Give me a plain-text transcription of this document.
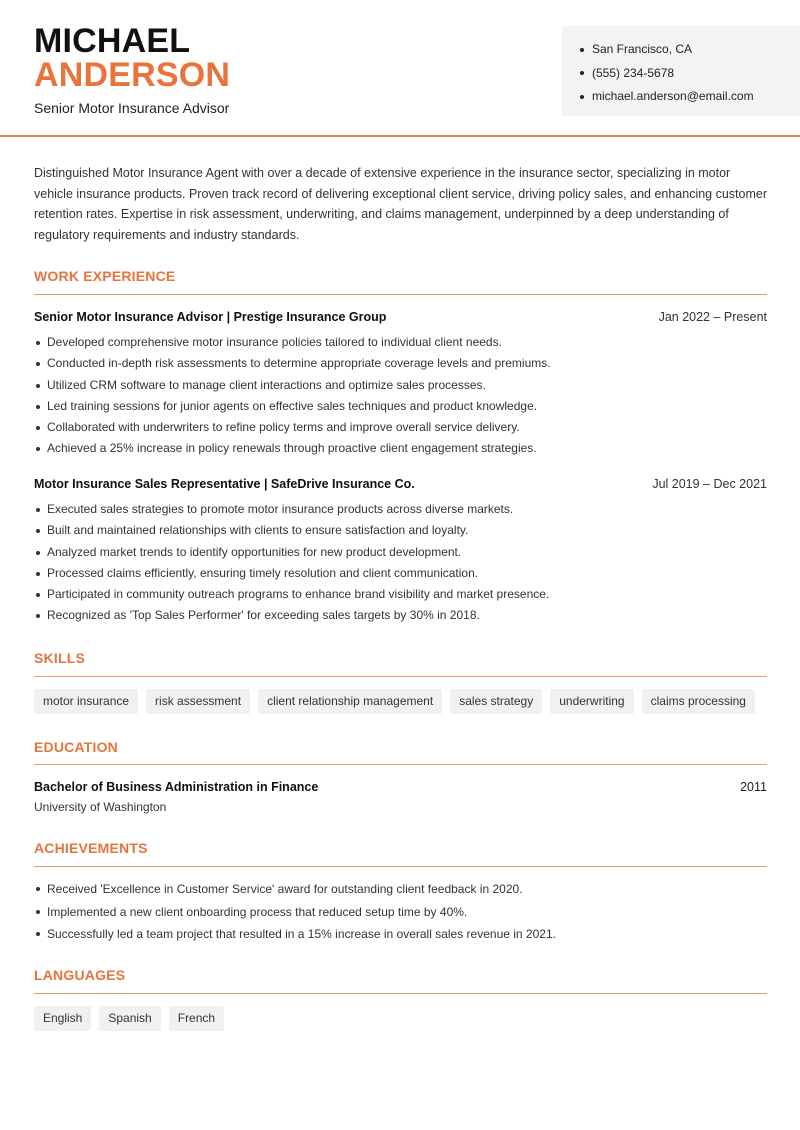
MICHAEL
ANDERSON
Senior Motor Insurance Advisor
San Francisco, CA
(555) 234-5678
michael.anderson@email.com

Distinguished Motor Insurance Agent with over a decade of extensive experience in the insurance sector, specializing in motor vehicle insurance products. Proven track record of delivering exceptional client service, driving policy sales, and enhancing customer retention rates. Expertise in risk assessment, underwriting, and claims management, underpinned by a deep understanding of regulatory requirements and industry standards.

WORK EXPERIENCE
Senior Motor Insurance Advisor | Prestige Insurance Group	Jan 2022 – Present
Developed comprehensive motor insurance policies tailored to individual client needs.
Conducted in-depth risk assessments to determine appropriate coverage levels and premiums.
Utilized CRM software to manage client interactions and optimize sales processes.
Led training sessions for junior agents on effective sales techniques and product knowledge.
Collaborated with underwriters to refine policy terms and improve overall service delivery.
Achieved a 25% increase in policy renewals through proactive client engagement strategies.
Motor Insurance Sales Representative | SafeDrive Insurance Co.	Jul 2019 – Dec 2021
Executed sales strategies to promote motor insurance products across diverse markets.
Built and maintained relationships with clients to ensure satisfaction and loyalty.
Analyzed market trends to identify opportunities for new product development.
Processed claims efficiently, ensuring timely resolution and client communication.
Participated in community outreach programs to enhance brand visibility and market presence.
Recognized as 'Top Sales Performer' for exceeding sales targets by 30% in 2018.
SKILLS
motor insurance	risk assessment	client relationship management	sales strategy	underwriting	claims processing
EDUCATION
Bachelor of Business Administration in Finance	2011
University of Washington
ACHIEVEMENTS
Received 'Excellence in Customer Service' award for outstanding client feedback in 2020.
Implemented a new client onboarding process that reduced setup time by 40%.
Successfully led a team project that resulted in a 15% increase in overall sales revenue in 2021.
LANGUAGES
English	Spanish	French
